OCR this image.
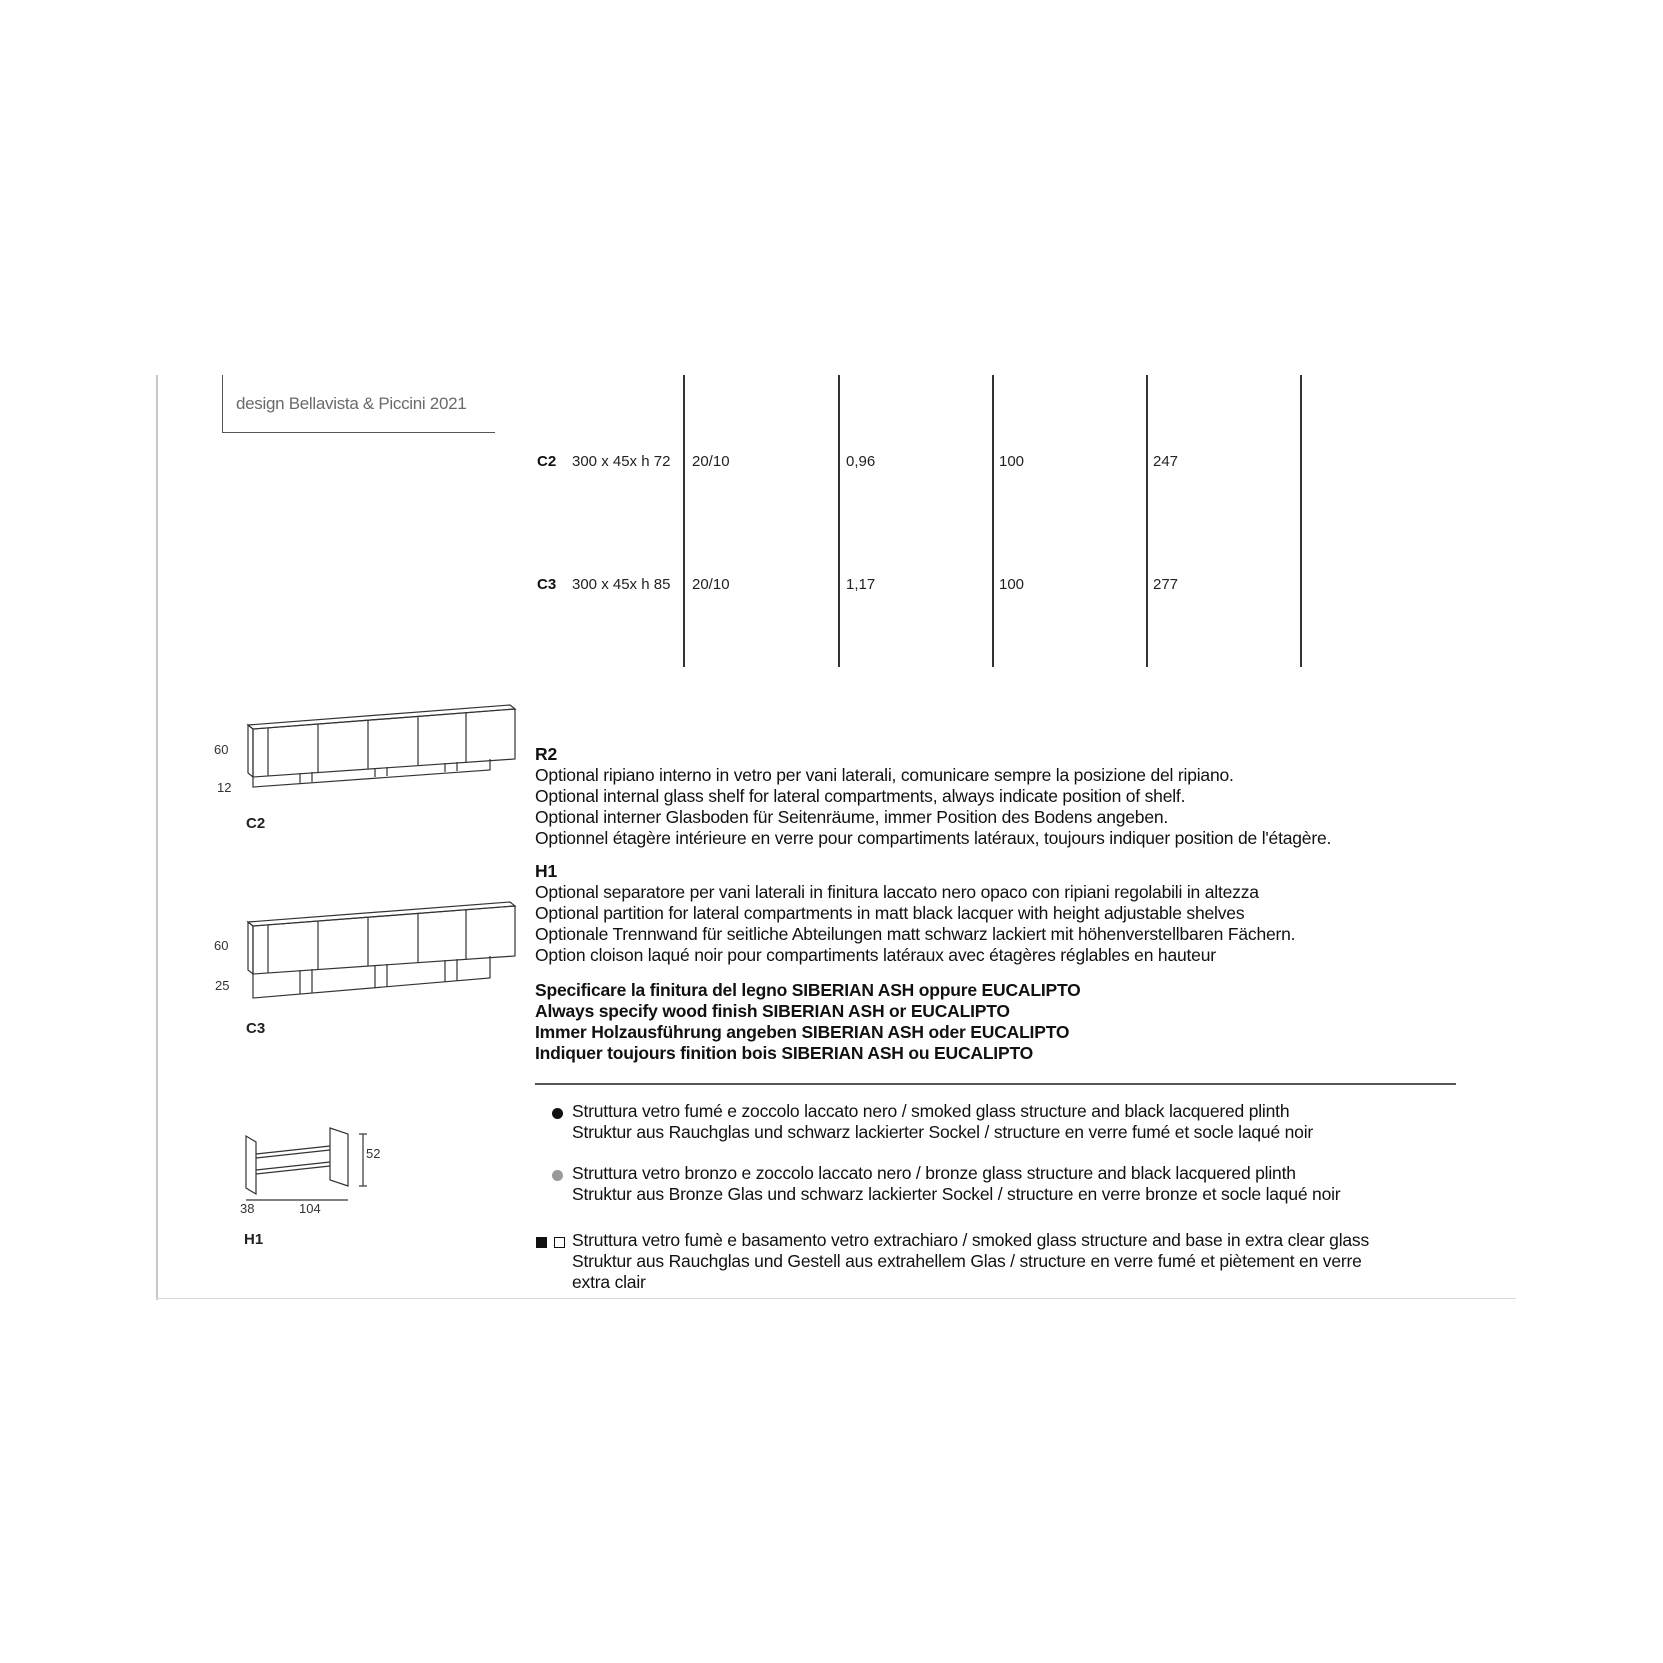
design Bellavista & Piccini 2021
C2 300 x 45x h 72 20/10	0,96	100	247
C3 300 x 45x h 85 20/10	1,17	100	277
60
12
C2
60
25
C3
52
38	104
H1
R2
Optional ripiano interno in vetro per vani laterali, comunicare sempre la posizione del ripiano.
Optional internal glass shelf for lateral compartments, always indicate position of shelf.
Optional interner Glasboden für Seitenräume, immer Position des Bodens angeben.
Optionnel étagère intérieure en verre pour compartiments latéraux, toujours indiquer position de l'étagère.
H1
Optional separatore per vani laterali in finitura laccato nero opaco con ripiani regolabili in altezza
Optional partition for lateral compartments in matt black lacquer with height adjustable shelves
Optionale Trennwand für seitliche Abteilungen matt schwarz lackiert mit höhenverstellbaren Fächern.
Option cloison laqué noir pour compartiments latéraux avec étagères réglables en hauteur
Specificare la finitura del legno SIBERIAN ASH oppure EUCALIPTO
Always specify wood finish SIBERIAN ASH or EUCALIPTO
Immer Holzausführung angeben SIBERIAN ASH oder EUCALIPTO
Indiquer toujours finition bois SIBERIAN ASH ou EUCALIPTO
Struttura vetro fumé e zoccolo laccato nero / smoked glass structure and black lacquered plinth
Struktur aus Rauchglas und schwarz lackierter Sockel / structure en verre fumé et socle laqué noir
Struttura vetro bronzo e zoccolo laccato nero / bronze glass structure and black lacquered plinth
Struktur aus Bronze Glas und schwarz lackierter Sockel / structure en verre bronze et socle laqué noir
Struttura vetro fumè e basamento vetro extrachiaro / smoked glass structure and base in extra clear glass
Struktur aus Rauchglas und Gestell aus extrahellem Glas / structure en verre fumé et piètement en verre
extra clair
